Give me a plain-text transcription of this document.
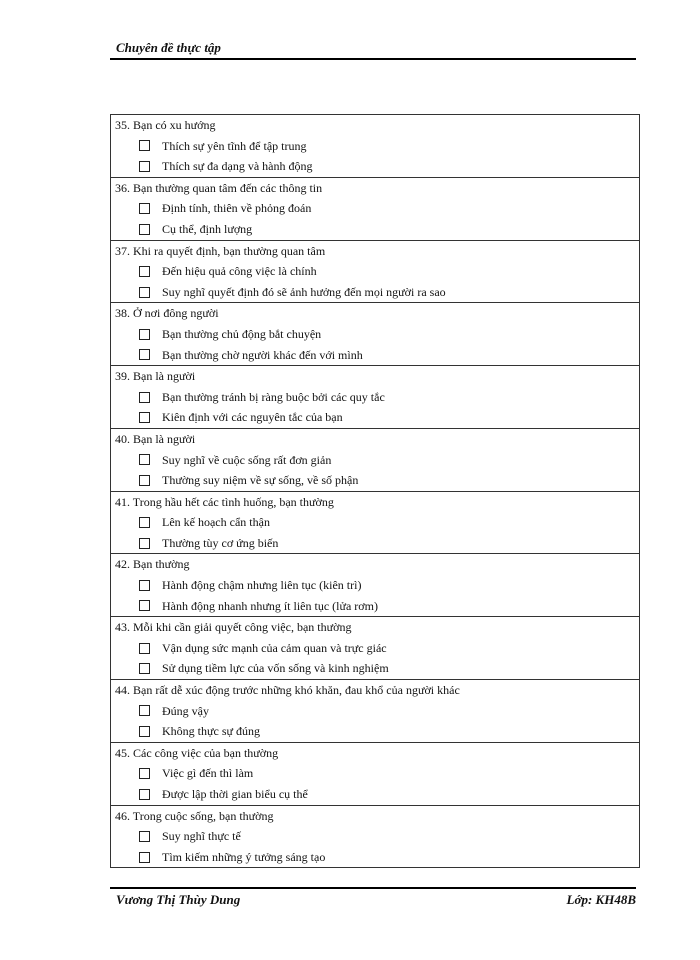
Chuyên đề thực tập
35. Bạn có xu hướng
Thích sự yên tĩnh để tập trung
Thích sự đa dạng và hành động
36. Bạn thường quan tâm đến các thông tin
Định tính, thiên về phỏng đoán
Cụ thể, định lượng
37. Khi ra quyết định, bạn thường quan tâm
Đến hiệu quả công việc là chính
Suy nghĩ quyết định đó sẽ ảnh hưởng đến mọi người ra sao
38. Ở nơi đông người
Bạn thường chủ động bắt chuyện
Bạn thường chờ người khác đến với mình
39. Bạn là người
Bạn thường tránh bị ràng buộc bởi các quy tắc
Kiên định với các nguyên tắc của bạn
40. Bạn là người
Suy nghĩ về cuộc sống rất đơn giản
Thường suy niệm về sự sống, về số phận
41. Trong hầu hết các tình huống, bạn thường
Lên kế hoạch cẩn thận
Thường tùy cơ ứng biến
42. Bạn thường
Hành động chậm nhưng liên tục (kiên trì)
Hành động nhanh nhưng ít liên tục (lửa rơm)
43. Mỗi khi cần giải quyết công việc, bạn thường
Vận dụng sức mạnh của cảm quan và trực giác
Sử dụng tiềm lực của vốn sống và kinh nghiệm
44. Bạn rất dễ xúc động trước những khó khăn, đau khổ của người khác
Đúng vậy
Không thực sự đúng
45. Các công việc của bạn thường
Việc gì đến thì làm
Được lập thời gian biểu cụ thể
46. Trong cuộc sống, bạn thường
Suy nghĩ thực tế
Tìm kiếm những ý tưởng sáng tạo
Vương Thị Thùy Dung	Lớp: KH48B
